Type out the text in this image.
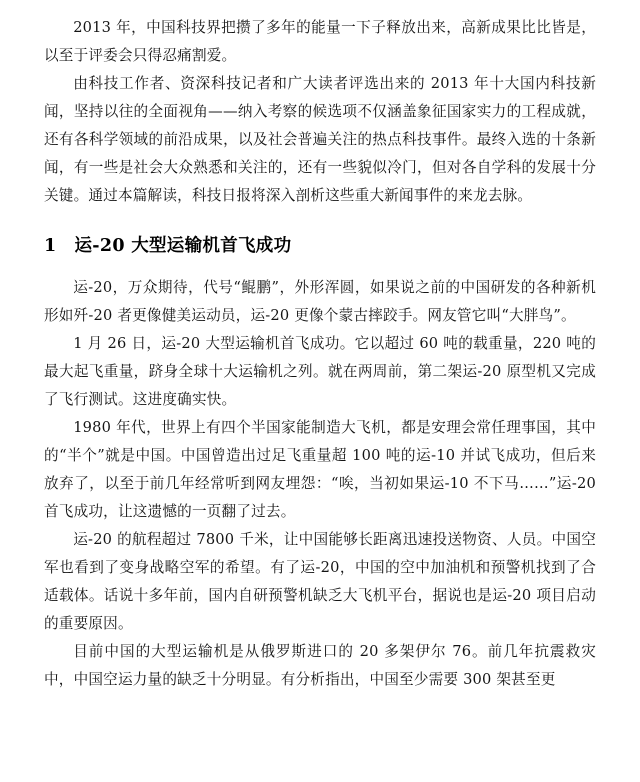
2013 年，中国科技界把攒了多年的能量一下子释放出来，高新成果比比皆是，以至于评委会只得忍痛割爱。

由科技工作者、资深科技记者和广大读者评选出来的 2013 年十大国内科技新闻，坚持以往的全面视角——纳入考察的候选项不仅涵盖象征国家实力的工程成就，还有各科学领域的前沿成果，以及社会普遍关注的热点科技事件。最终入选的十条新闻，有一些是社会大众熟悉和关注的，还有一些貌似冷门，但对各自学科的发展十分关键。通过本篇解读，科技日报将深入剖析这些重大新闻事件的来龙去脉。

1 运-20 大型运输机首飞成功

运-20，万众期待，代号“鲲鹏”，外形浑圆，如果说之前的中国研发的各种新机形如歼-20 者更像健美运动员，运-20 更像个蒙古摔跤手。网友管它叫“大胖鸟”。

1 月 26 日，运-20 大型运输机首飞成功。它以超过 60 吨的载重量，220 吨的最大起飞重量，跻身全球十大运输机之列。就在两周前，第二架运-20 原型机又完成了飞行测试。这进度确实快。

1980 年代，世界上有四个半国家能制造大飞机，都是安理会常任理事国，其中的“半个”就是中国。中国曾造出过足飞重量超 100 吨的运-10 并试飞成功，但后来放弃了，以至于前几年经常听到网友埋怨：“唉，当初如果运-10 不下马……”运-20 首飞成功，让这遗憾的一页翻了过去。

运-20 的航程超过 7800 千米，让中国能够长距离迅速投送物资、人员。中国空军也看到了变身战略空军的希望。有了运-20，中国的空中加油机和预警机找到了合适载体。话说十多年前，国内自研预警机缺乏大飞机平台，据说也是运-20 项目启动的重要原因。

目前中国的大型运输机是从俄罗斯进口的 20 多架伊尔 76。前几年抗震救灾中，中国空运力量的缺乏十分明显。有分析指出，中国至少需要 300 架甚至更
